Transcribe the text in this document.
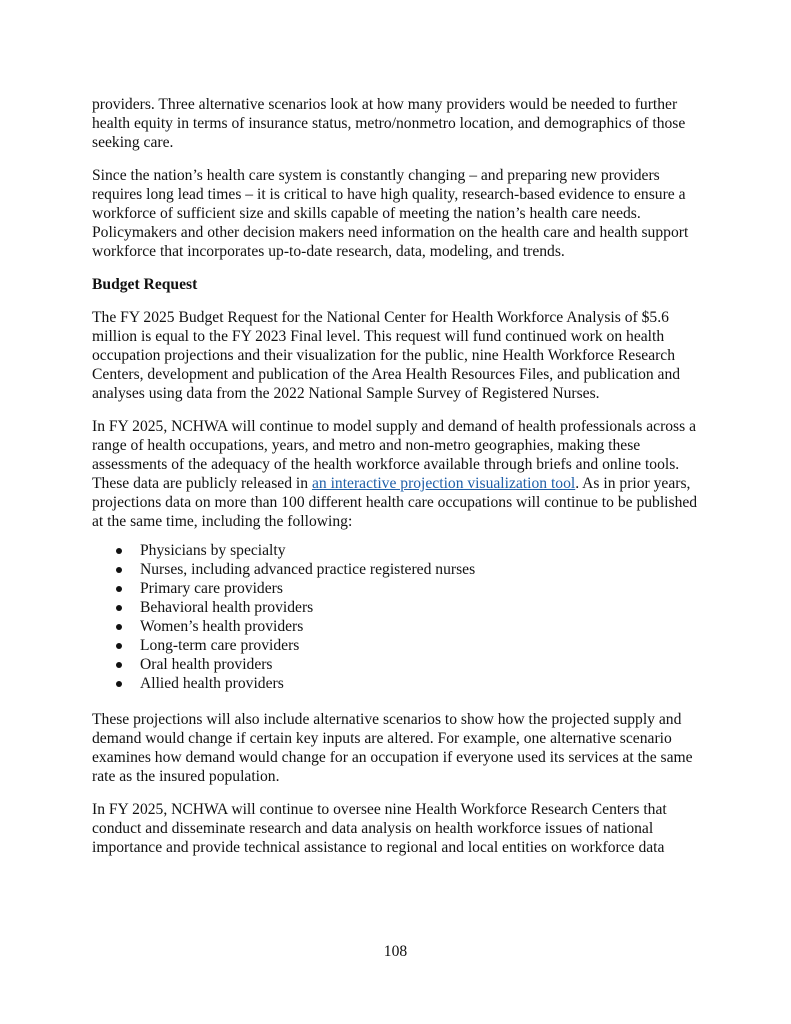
providers. Three alternative scenarios look at how many providers would be needed to further
health equity in terms of insurance status, metro/nonmetro location, and demographics of those
seeking care.
Since the nation’s health care system is constantly changing – and preparing new providers
requires long lead times – it is critical to have high quality, research-based evidence to ensure a
workforce of sufficient size and skills capable of meeting the nation’s health care needs.
Policymakers and other decision makers need information on the health care and health support
workforce that incorporates up-to-date research, data, modeling, and trends.
Budget Request
The FY 2025 Budget Request for the National Center for Health Workforce Analysis of $5.6
million is equal to the FY 2023 Final level. This request will fund continued work on health
occupation projections and their visualization for the public, nine Health Workforce Research
Centers, development and publication of the Area Health Resources Files, and publication and
analyses using data from the 2022 National Sample Survey of Registered Nurses.
In FY 2025, NCHWA will continue to model supply and demand of health professionals across a
range of health occupations, years, and metro and non-metro geographies, making these
assessments of the adequacy of the health workforce available through briefs and online tools.
These data are publicly released in an interactive projection visualization tool. As in prior years,
projections data on more than 100 different health care occupations will continue to be published
at the same time, including the following:
Physicians by specialty
Nurses, including advanced practice registered nurses
Primary care providers
Behavioral health providers
Women’s health providers
Long-term care providers
Oral health providers
Allied health providers
These projections will also include alternative scenarios to show how the projected supply and
demand would change if certain key inputs are altered. For example, one alternative scenario
examines how demand would change for an occupation if everyone used its services at the same
rate as the insured population.
In FY 2025, NCHWA will continue to oversee nine Health Workforce Research Centers that
conduct and disseminate research and data analysis on health workforce issues of national
importance and provide technical assistance to regional and local entities on workforce data
108
